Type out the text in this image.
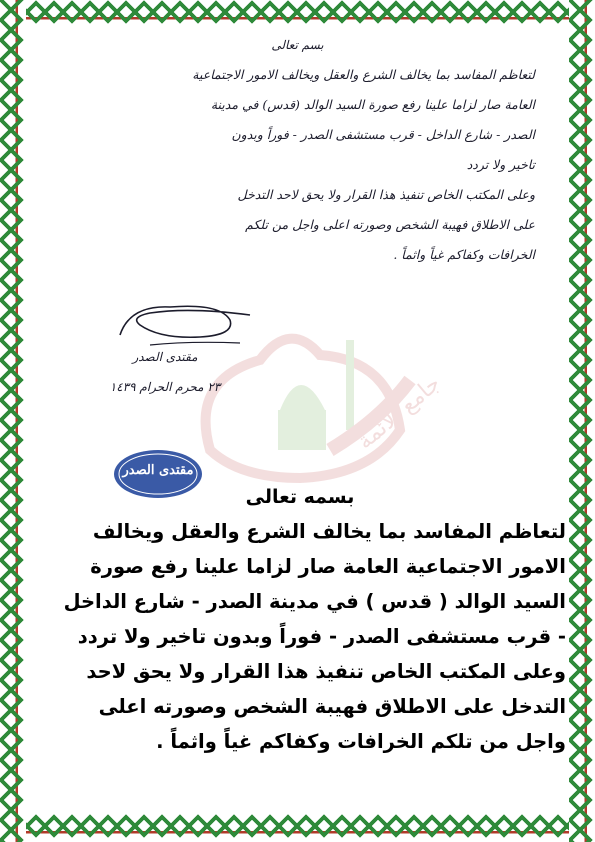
جامع الائمة
بسم تعالى

لتعاظم المفاسد بما يخالف الشرع والعقل ويخالف الامور الاجتماعية

العامة صار لزاما علينا رفع صورة السيد الوالد (قدس) في مدينة

الصدر - شارع الداخل - قرب مستشفى الصدر - فوراً وبدون

تاخير ولا تردد

وعلى المكتب الخاص تنفيذ هذا القرار ولا يحق لاحد التدخل

على الاطلاق فهيبة الشخص وصورته اعلى واجل من تلكم

الخرافات وكفاكم غياً واثماً .

مقتدى الصدر
٢٣ محرم الحرام ١٤٣٩
مقتدى الصدر

بسمه تعالى

لتعاظم المفاسد بما يخالف الشرع والعقل ويخالف

الامور الاجتماعية العامة صار لزاما علينا رفع صورة

السيد الوالد ( قدس ) في مدينة الصدر - شارع الداخل

- قرب مستشفى الصدر - فوراً وبدون تاخير ولا تردد

وعلى المكتب الخاص تنفيذ هذا القرار ولا يحق لاحد

التدخل على الاطلاق فهيبة الشخص وصورته اعلى

واجل من تلكم الخرافات وكفاكم غياً واثماً .
